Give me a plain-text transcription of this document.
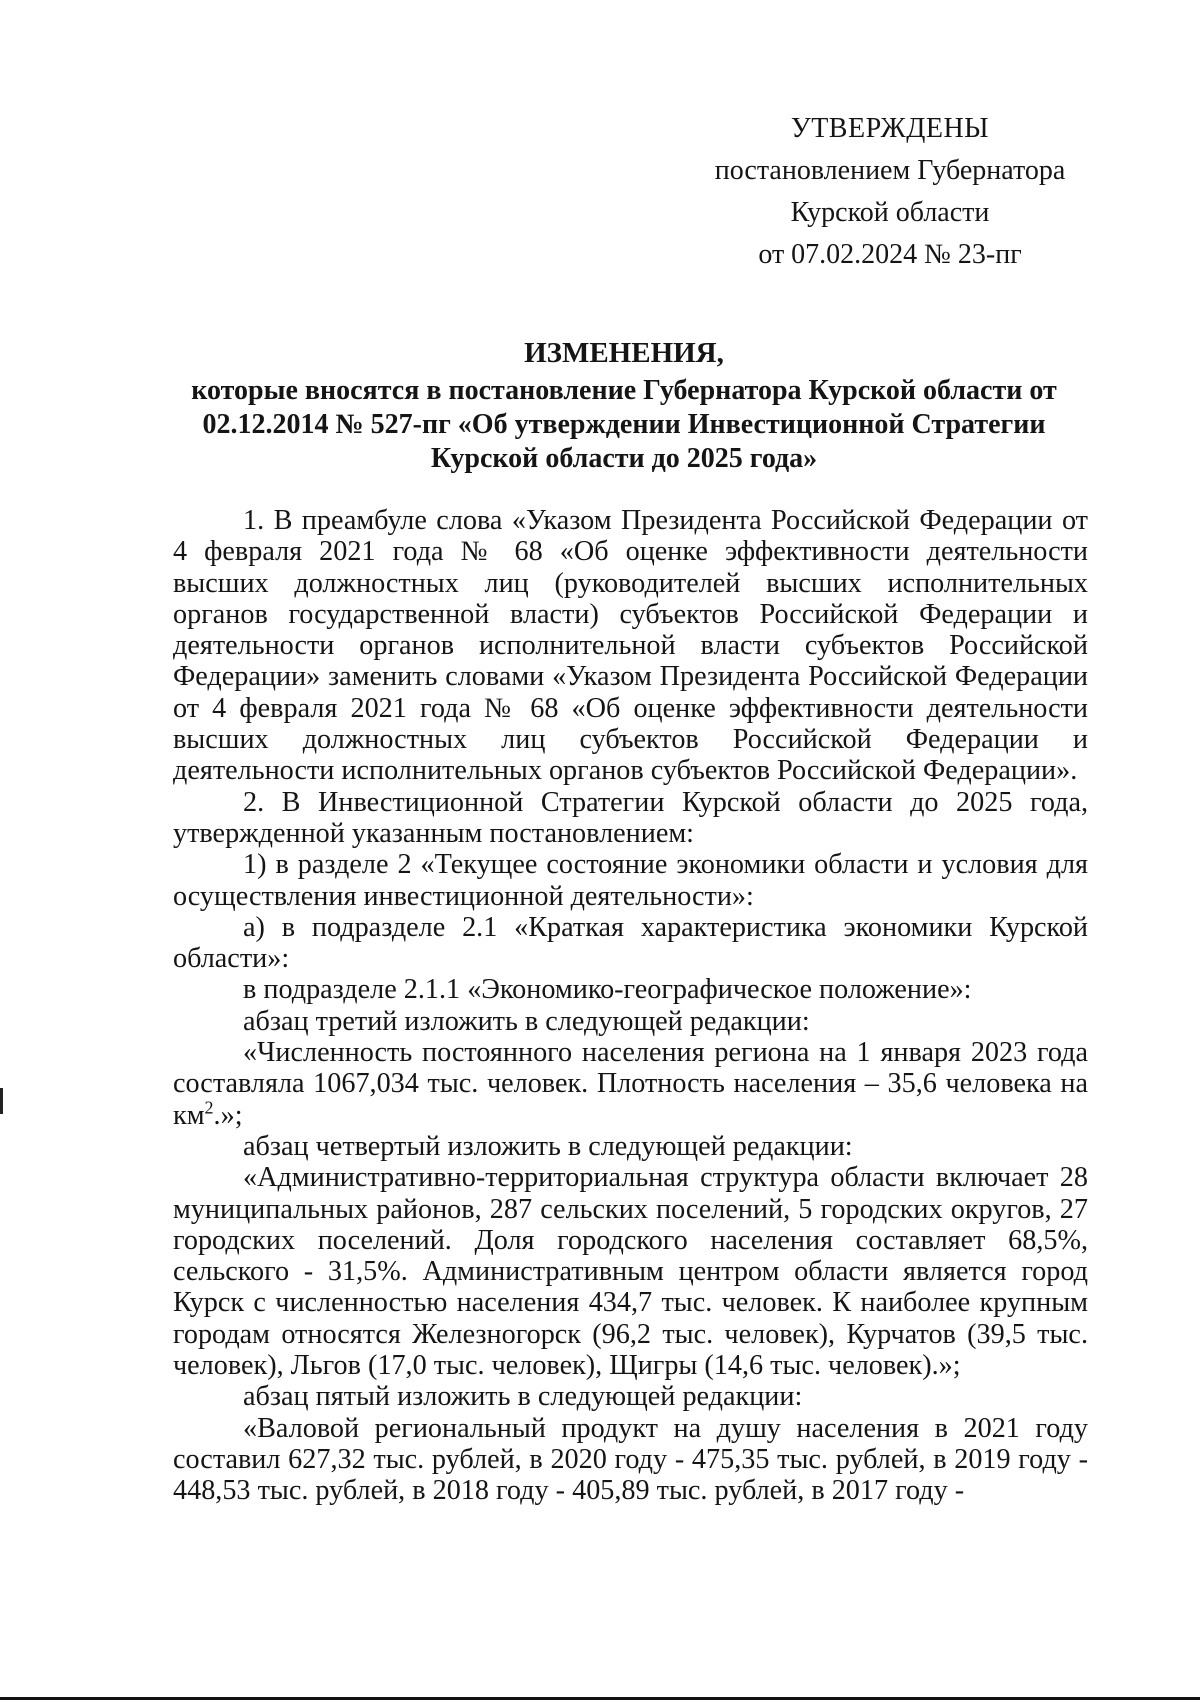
УТВЕРЖДЕНЫ
постановлением Губернатора
Курской области
от 07.02.2024 № 23-пг
ИЗМЕНЕНИЯ,
которые вносятся в постановление Губернатора Курской области от
02.12.2014 № 527-пг «Об утверждении Инвестиционной Стратегии
Курской области до 2025 года»

1. В преамбуле слова «Указом Президента Российской Федерации от 4 февраля 2021 года № 68 «Об оценке эффективности деятельности высших должностных лиц (руководителей высших исполнительных органов государственной власти) субъектов Российской Федерации и деятельности органов исполнительной власти субъектов Российской Федерации» заменить словами «Указом Президента Российской Федерации от 4 февраля 2021 года № 68 «Об оценке эффективности деятельности высших должностных лиц субъектов Российской Федерации и деятельности исполнительных органов субъектов Российской Федерации».

2. В Инвестиционной Стратегии Курской области до 2025 года, утвержденной указанным постановлением:

1) в разделе 2 «Текущее состояние экономики области и условия для осуществления инвестиционной деятельности»:

а) в подразделе 2.1 «Краткая характеристика экономики Курской области»:

в подразделе 2.1.1 «Экономико-географическое положение»:

абзац третий изложить в следующей редакции:

«Численность постоянного населения региона на 1 января 2023 года составляла 1067,034 тыс. человек. Плотность населения – 35,6 человека на $км^2$.»;

абзац четвертый изложить в следующей редакции:

«Административно-территориальная структура области включает 28 муниципальных районов, 287 сельских поселений, 5 городских округов, 27 городских поселений. Доля городского населения составляет 68,5%, сельского - 31,5%. Административным центром области является город Курск с численностью населения 434,7 тыс. человек. К наиболее крупным городам относятся Железногорск (96,2 тыс. человек), Курчатов (39,5 тыс. человек), Льгов (17,0 тыс. человек), Щигры (14,6 тыс. человек).»;

абзац пятый изложить в следующей редакции:

«Валовой региональный продукт на душу населения в 2021 году составил 627,32 тыс. рублей, в 2020 году - 475,35 тыс. рублей, в 2019 году - 448,53 тыс. рублей, в 2018 году - 405,89 тыс. рублей, в 2017 году -
